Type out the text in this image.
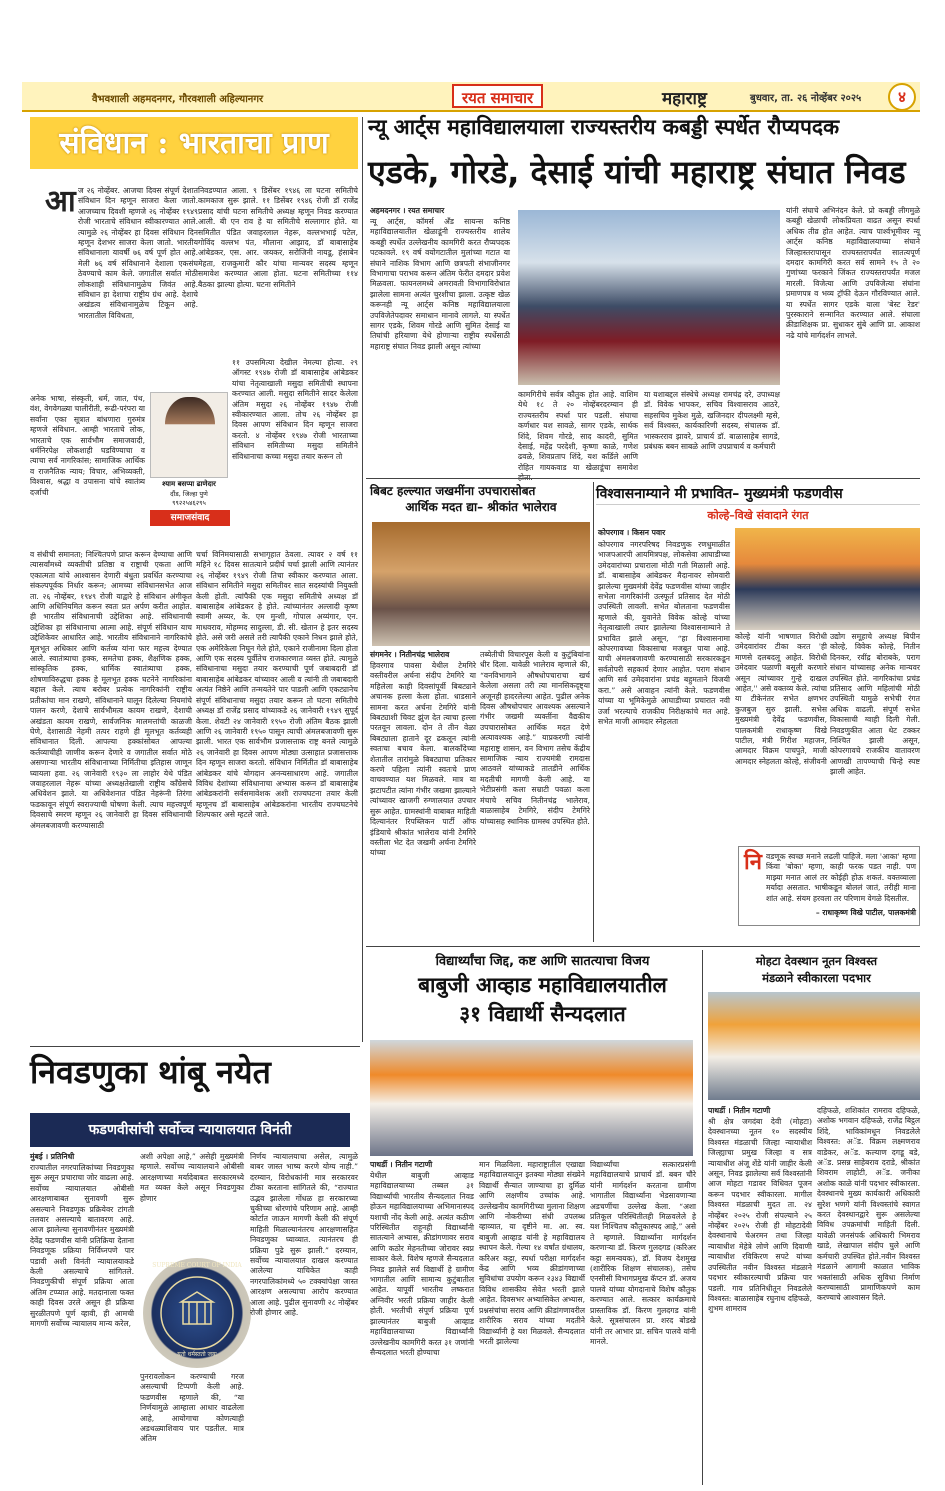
वैभवशाली अहमदनगर, गौरवशाली अहिल्यानगर	रयत समाचार	महाराष्ट्र	बुधवार, ता. २६ नोव्हेंबर २०२५	४
संविधान : भारताचा प्राण
आ ज २६ नोव्हेंबर. आजचा दिवस संपूर्ण देशात संविधान दिन म्हणून साजरा केला जातो. आजच्याच दिवशी म्हणजे २६ नोव्हेंबर १९४९ रोजी भारताचे संविधान स्वीकारण्यात आले. त्यामुळे २६ नोव्हेंबर हा दिवस संविधान दिन म्हणून देशभर साजरा केला जातो. भारतीय संविधानाला यावर्षी ७६ वर्ष पूर्ण होत आहे. मेली ७६ वर्ष संविधानाने देशाला एकसंघ ठेवण्याचे काम केले. जगातील सर्वात मोठी लोकशाही संविधानामुळेच जिवंत आहे. संविधान हा देशाचा राष्ट्रीय ग्रंथ आहे. देशाचे अखंडत्व संविधानामुळेच टिकून आहे. भारतातील विविधता,
अनेक भाषा, संस्कृती, धर्म, जात, पंथ, वंश, वेगवेगळ्या चालीरीती, रूढी-परंपरा या सर्वांना एका सूत्रात बांधणारा गुरुमंत्र म्हणजे संविधान. आम्ही भारताचे लोक, भारताचे एक सार्वभौम समाजवादी, धर्मनिरपेक्ष लोकशाही घडविण्याचा व त्याचा सर्व नागरिकांस; सामाजिक आर्थिक व राजनैतिक न्याय; विचार, अभिव्यक्ती, विश्वास, श्रद्धा व उपासना यांचे स्वातंत्र्य दर्जाची
व संधीची समानता; निश्चितपणे प्राप्त करून देण्याचा आणि त्यासर्वांमध्ये व्यक्तीची प्रतिष्ठा व राष्ट्राची एकता आणि एकात्मता यांचे आश्वासन देणारी बंधुता प्रवर्धित करण्याचा संकल्पपूर्वक निर्धार करून; आमच्या संविधानसभेत आज ता. २६ नोव्हेंबर, १९४९ रोजी याद्वारे हे संविधान अंगीकृत आणि अधिनियमित करून स्वतः प्रत अर्पण करीत आहोत. ही भारतीय संविधानाची उद्देशिका आहे. संविधानाची उद्देशिका हा संविधानाचा आत्मा आहे. संपूर्ण संविधान याच उद्देशिकेवर आधारित आहे. भारतीय संविधानाने नागरिकांचे मूलभूत अधिकार आणि कर्तव्य यांना फार महत्त्व देण्यात आले. स्वातंत्र्याचा हक्क, समतेचा हक्क, शैक्षणिक हक्क, सांस्कृतिक हक्क, धार्मिक स्वातंत्र्याचा हक्क, शोषणाविरुद्धचा हक्क हे मूलभूत हक्क घटनेने नागरिकांना बहाल केले. त्याच बरोबर प्रत्येक नागरिकांनी राष्ट्रीय प्रतीकांचा मान राखणे, संविधानाने घालून दिलेल्या नियमांचे पालन करणे, देशाचे सार्वभौमत्व कायम राखणे, देशाची अखंडता कायम राखणे, सार्वजनिक मालमत्तांची काळजी घेणे, देशासाठी नेहमी तत्पर राहणे ही मूलभूत कर्तव्यही संविधानात दिली. आपल्या हक्कांसोबत आपल्या कर्तव्याचीही जाणीव करून देणारे व जगातील सर्वात मोठे असणाऱ्या भारतीय संविधानाच्या निर्मितीचा इतिहास जाणून घ्यायला हवा. २६ जानेवारी १९३० ला लाहोर येथे पंडित जवाहरलाल नेहरू यांच्या अध्यक्षतेखाली राष्ट्रीय कॉंग्रेसचे अधिवेशन झाले. या अधिवेशनात पंडित नेहरूंनी तिरंगा फडकावून संपूर्ण स्वराज्याची घोषणा केली. त्याच महत्त्वपूर्ण दिवसाचे स्मरण म्हणून २६ जानेवारी हा दिवस संविधानाची अंमलबजावणी करण्यासाठी
निवडण्यात आला. ९ डिसेंबर १९४६ ला घटना समितीचे कामकाज सुरू झाले. ११ डिसेंबर १९४६ रोजी डॉ राजेंद्र प्रसाद यांची घटना समितीचे अध्यक्ष म्हणून निवड करण्यात आली. बी एन राव हे या समितीचे सल्लागार होते. या समितीत पंडित जवाहरलाल नेहरू, वल्लभभाई पटेल, गोविंद वल्लभ पंत, मौलाना आझाद, डॉ बाबासाहेब आंबेडकर, एस. आर. जयकर, सरोजिनी नायडू, हंसाबेन मेहता, राजकुमारी कौर यांचा मान्यवर सदस्य म्हणून समावेश करण्यात आला होता. घटना समितीच्या ११४ बैठका झाल्या होत्या. घटना समितीने
११ उपसमित्या देखील नेमल्या होत्या. २९ ऑगस्ट १९४७ रोजी डॉ बाबासाहेब आंबेडकर यांचा नेतृत्वाखाली मसुदा समितीची स्थापना करण्यात आली. मसुदा समितीने सादर केलेला अंतिम मसुदा २६ नोव्हेंबर १९४७ रोजी स्वीकारण्यात आला. तोच २६ नोव्हेंबर हा दिवस आपण संविधान दिन म्हणून साजरा करतो. ४ नोव्हेंबर १९४७ रोजी भारताच्या संविधान समितीच्या मसुदा समितीने संविधानाचा कच्चा मसुदा तयार करून तो
चर्चा विनिमयासाठी सभागृहात ठेवला. त्यावर २ वर्ष ११ महिने १८ दिवस सातत्याने प्रदीर्घ चर्चा झाली आणि त्यानंतर २६ नोव्हेंबर १९४९ रोजी तिचा स्वीकार करण्यात आला. संविधान समितीने मसुदा समितीवर सात सदस्यांची नियुक्ती केली होती. त्यांपैकी एक मसुदा समितीचे अध्यक्ष डॉ बाबासाहेब आंबेडकर हे होते. त्यांच्यानंतर अल्लादी कृष्ण स्वामी अय्यर, के. एम मुन्शी, गोपाल अय्यंगार, एन. माधवराव, मोहम्मद सादुल्ला, डी. सी. खेतान हे इतर सदस्य होते. असे जरी असले तरी त्यापैकी एकाने निधन झाले होते, एक अमेरिकेला निघून गेले होते, एकाने राजीनामा दिला होता आणि एक सदस्य पूर्वीतेच राजकारणात व्यस्त होते. त्यामुळे संविधानाचा मसुदा तयार करण्याची पूर्ण जबाबदारी डॉ बाबासाहेब आंबेडकर यांच्यावर आली व त्यांनी ती जबाबदारी अत्यंत निष्ठेने आणि तन्मयतेने पार पाडली आणि एकट्यानेच संपूर्ण संविधानाचा मसुदा तयार करून तो घटना समितीचे अध्यक्ष डॉ राजेंद्र प्रसाद यांच्याकडे २६ जानेवारी १९४९ सुपूर्द केला. शेवटी २४ जानेवारी १९५० रोजी अंतिम बैठक झाली आणि २६ जानेवारी १९५० पासून त्याची अंमलबजावणी सुरू झाली. भारत एक सार्वभौम प्रजासत्ताक राष्ट्र बनले त्यामुळे २६ जानेवारी हा दिवस आपण मोठ्या उत्साहात प्रजासत्ताक दिन म्हणून साजरा करतो. संविधान निर्मितीत डॉ बाबासाहेब आंबेडकर यांचे योगदान अनन्यसाधारण आहे. जगातील विविध देशांच्या संविधानाचा अभ्यास करून डॉ बाबासाहेब आंबेडकरांनी सर्वसमावेशक अशी राज्यघटना तयार केली म्हणूनच डॉ बाबासाहेब आंबेडकरांना भारतीय राज्यघटनेचे शिल्पकार असे म्हटले जाते.
श्याम बसप्पा ढाणेदार
दौंड, जिल्हा पुणे
९९२२५४६२९५
समाजसंवाद
न्यू आर्ट्स महाविद्यालयाला राज्यस्तरीय कबड्डी स्पर्धेत रौप्यपदक
एडके, गोरडे, देसाई यांची महाराष्ट्र संघात निवड
अहमदनगर । रयत समाचार
न्यू आर्ट्स, कॉमर्स अँड सायन्स कनिष्ठ महाविद्यालयातील खेळाडूंनी राज्यस्तरीय शालेय कबड्डी स्पर्धेत उल्लेखनीय कामगिरी करत रौप्यपदक पटकावले. १९ वर्ष वयोगटातील मुलांच्या गटात या संघाने नाशिक विभाग आणि छत्रपती संभाजीनगर विभागाचा पराभव करून अंतिम फेरीत दमदार प्रवेश मिळवला. फायनलमध्ये अमरावती विभागाविरोधात झालेला सामना अत्यंत चुरशीचा झाला. उत्कृष्ट खेळ करूनही न्यू आर्ट्स कनिष्ठ महाविद्यालयाला उपविजेतेपदावर समाधान मानावे लागले. या स्पर्धेत सागर एडके, शिवम गोरडे आणि सुमित देसाई या तिघांची हरियाणा येथे होणाऱ्या राष्ट्रीय स्पर्धेसाठी महाराष्ट्र संघात निवड झाली असून त्यांच्या
कामगिरीचे सर्वत्र कौतुक होत आहे. वाशिम येथे १८ ते २० नोव्हेंबरदरम्यान ही राज्यस्तरीय स्पर्धा पार पडली. संघाचा कर्णधार यश सावळे, सागर एडके, सार्थक शिंदे, शिवम गोरडे, साद कादरी, सुमित देसाई, महेंद्र परदेशी, कृष्णा काळे, गणेश ढवळे, शिवप्रताप शिंदे, यश कर्डिले आणि रोहित गायकवाड या खेळाडूंचा समावेश
या यशाबद्दल संस्थेचे अध्यक्ष रामचंद्र दरे, उपाध्यक्ष डॉ. विवेक भापकर, सचिव विश्वासराव आठरे, सहसचिव मुकेश मुळे, खजिनदार दीपलक्ष्मी म्हसे, सर्व विश्वस्त, कार्यकारिणी सदस्य, संचालक डॉ. भास्करराव झावरे, प्राचार्य डॉ. बाळासाहेब सागडे, प्रबंधक बबन साबळे आणि उपप्राचार्य व कर्मचारी
यांनी संघाचे अभिनंदन केले. प्रो कबड्डी लीगमुळे कबड्डी खेळाची लोकप्रियता वाढत असून स्पर्धा अधिक तीव्र होत आहेत. त्याच पार्श्वभूमीवर न्यू आर्ट्स कनिष्ठ महाविद्यालयाच्या संघाने जिल्हास्तरापासून राज्यस्तरापर्यंत सातत्यपूर्ण दमदार कामगिरी करत सर्व सामने १५ ते २० गुणांच्या फरकाने जिंकत राज्यस्तरापर्यंत मजल मारली. विजेत्या आणि उपविजेत्या संघांना प्रमाणपत्र व भव्य ट्रॉफी देऊन गौरविण्यात आले. या स्पर्धेत सागर एडके याला 'बेस्ट रेडर' पुरस्काराने सन्मानित करण्यात आले. संघाला क्रीडाशिक्षक प्रा. सुधाकर सुंबे आणि प्रा. आकाश नढे यांचे मार्गदर्शन लाभले.
बिबट हल्ल्यात जखमींना उपचारासोबत
आर्थिक मदत द्या– श्रीकांत भालेराव
संगमनेर । नितीनचंद्र भालेराव
हिवरगाव पावसा येथील टेमगिरे वस्तीवरील अर्चना संदीप टेमगिरे या महिलेला काही दिवसांपूर्वी बिबट्याने अचानक हल्ला केला होता. धाडसाने सामना करत अर्चना टेमगिरे यांनी बिबट्याशी चिवट झुंज देत त्याचा हल्ला परतवून लावला. दोन ते तीन वेळा बिबट्याला हाताने दूर ढकलून त्यांनी स्वतःचा बचाव केला. बालकाँदेच्या शेतातील तारांमुळे बिबट्याचा प्रतिकार करणे पहिला त्यांनी स्वतःचे प्राण वाचवण्यात यश मिळवले. मात्र या झटापटीत त्यांना गंभीर जखमा झाल्याने त्यांच्यावर खाजगी रुग्णालयात उपचार सुरू आहेत. ग्रामस्थांनी याबाबत माहिती दिल्यानंतर रिपब्लिकन पार्टी ऑफ इंडियाचे श्रीकांत भालेराव यांनी टेमगिरे वस्तीला भेट देत जखमी अर्चना टेमगिरे यांच्या
तब्येतीची विचारपूस केली व कुटुंबियांना धीर दिला. यावेळी भालेराव म्हणाले की, “वनविभागाने औषधोपचाराचा खर्च केलेला असला तरी त्या मानसिकदृष्ट्या अजूनही हादरलेल्या आहेत. पुढील अनेक दिवस औषधोपचार आवश्यक असल्याने गंभीर जखमी व्यक्तींना वैद्यकीय उपचारासोबत आर्थिक मदत देणे अत्यावश्यक आहे.” याप्रकरणी त्यांनी महाराष्ट्र शासन, वन विभाग तसेच केंद्रीय सामाजिक न्याय राज्यमंत्री रामदास आठवले यांच्याकडे तातडीने आर्थिक मदतीची मागणी केली आहे. या भेटीप्रसंगी कला सम्राटी पवळा कला मंचाचे सचिव नितीनचंद्र भालेराव, बाळासाहेब टेमगिरे, संदीप टेमगिरे यांच्यासह स्थानिक ग्रामस्थ उपस्थित होते.
विश्वासनाम्याने मी प्रभावित– मुख्यमंत्री फडणवीस
कोल्हे–विखे संवादाने रंगत
कोपरगाव । किसन पवार
कोपरगाव नगरपरिषद निवडणुक रणधुमाळीत भाजपआरपी आयमित्रपक्ष, लोकसेवा आघाडीच्या उमेदवारांच्या प्रचाराला मोठी गती मिळाली आहे. डॉ. बाबासाहेब आंबेडकर मैदानावर सोमवारी झालेल्या मुख्यमंत्री देवेंद्र फडणवीस यांच्या जाहीर सभेला नागरिकांनी उत्स्फूर्त प्रतिसाद देत मोठी उपस्थिती लावली. सभेत बोलताना फडणवीस म्हणाले की, युवानेते विवेक कोल्हे यांच्या नेतृत्वाखाली तयार झालेल्या विश्वासनाम्याने ते प्रभावित झाले असून, “हा विश्वासनामा कोपरगावच्या विकासाचा मजबूत पाया आहे. याची अंमलबजावणी करण्यासाठी सरकारकडून सर्वतोपरी सहकार्य देणार आहोत. पराग संधान आणि सर्व उमेदवारांना प्रचंड बहुमताने विजयी करा.” असे आवाहन त्यांनी केले. फडणवीस यांच्या या भूमिकेमुळे आघाडीच्या प्रचारात नवी उर्जा भरल्याचे राजकीय निरीक्षकांचे मत आहे. सभेत माजी आमदार स्नेहलता
कोल्हे यांनी भाषणात विरोधी उमेदवारांवर टीका करत 'ही माणसे दलबदलू आहेत. विरोधी उमेदवार पळाणी बसूली करणारे असून त्यांच्यावर गुन्हे दाखल आहेत,'' असे वक्तव्य केले. त्यांचा या टीकेनंतर सभेत क्षणभर कुजबुज सुरु झाली. सभेस मुख्यमंत्री देवेंद्र फडणवीस, पालकमंत्री राधाकृष्ण विखे पाटील, मंत्री गिरीश महाजन, आमदार विक्रम पाचपुते, माजी आमदार स्नेहलता कोल्हे, संजीवनी
उद्योग समूहाचे अध्यक्ष बिपीन कोल्हे, विवेक कोल्हे, नितीन दिनकर, रवींद्र बोराबके, पराग संधान यांच्यासह अनेक मान्यवर उपस्थित होते. नागरिकांचा प्रचंड प्रतिसाद आणि महिलांची मोठी उपस्थिती यामुळे सभेची रंगत अधिक वाढली. संपूर्ण सभेत विकासाची ग्वाही दिली गेली. निवडणुकीत आता थेट टक्कर निश्चित झाली असून, कोपरगावचे राजकीय वातावरण आणखी तापण्याची चिन्हे स्पष्ट झाली आहेत.
नि वडणूक स्वच्छ मनाने लढली पाहिजे. मला 'आका' म्हणा किंवा 'बोका' म्हणा, काही फरक पडत नाही. पण माझ्या मनात आलं तर कोईही होऊ शकतं. वक्तव्याला मर्यादा असतात. भाषीकडून बोललं जातं, तरीही माना शांत आहे. संयम हरवला तर परिणाम वेगळे दिसतील.
– राधाकृष्ण विखे पाटील, पालकमंत्री
विद्यार्थ्यांचा जिद्द, कष्ट आणि सातत्याचा विजय
बाबुजी आव्हाड महाविद्यालयातील
३१ विद्यार्थी सैन्यदलात
पाथर्डी । नितीन गटाणी
येथील बाबुजी आव्हाड महाविद्यालयाच्या तब्बल ३१ विद्यार्थ्यांची भारतीय सैन्यदलात निवड होऊन महाविद्यालयाच्या अभिमानास्पद यशाची नोंद केली आहे. अत्यंत कठीण परिस्थितीत राहूनही विद्यार्थ्यांनी सातत्याने अभ्यास, क्रीडांगणावर सराव आणि कठोर मेहनतीच्या जोरावर स्वप्न साकार केले. विशेष म्हणजे सैन्यदलात निवड झालेले सर्व विद्यार्थी हे ग्रामीण भागातील आणि सामान्य कुटुंबातील आहेत. यापूर्वी भारतीय लष्करात अग्निवीर भरती प्रक्रिया जाहीर केली होती. भरतीची संपूर्ण प्रक्रिया पूर्ण झाल्यानंतर बाबुजी आव्हाड महाविद्यालयाच्या विद्यार्थ्यांनी उल्लेखनीय कामगिरी करत ३१ जणांनी सैन्यदलात भरती होण्याचा
मान मिळविला. महाराष्ट्रातील एखाद्या महाविद्यालयातून इतक्या मोठ्या संख्येने विद्यार्थी सैन्यात जाण्याचा हा दुर्मिळ आणि लक्षणीय उच्चांक आहे. उल्लेखनीय कामगिरीच्या मुलाना शिक्षण आणि नोकरीच्या संधी उपलब्ध व्हाव्यात, या दृष्टीने मा. आ. स्व. बाबुजी आव्हाड यांनी हे महाविद्यालय स्थापन केले. गेल्या १४ वर्षांत ग्रंथालय, करिअर कट्टा, स्पर्धा परीक्षा मार्गदर्शन केंद्र आणि भव्य क्रीडांगणाच्या सुविधांचा उपयोग करून २३४३ विद्यार्थी विविध शासकीय सेवेत भरती झाले आहेत. दिवसभर अभ्यासिकेत अभ्यास, प्रश्नसंचांचा सराव आणि क्रीडांगणावरील शारीरिक सराव यांच्या मदतीने विद्यार्थ्यांनी हे यश मिळवले. सैन्यदलात भरती झालेल्या
विद्यार्थ्यांचा सत्कारप्रसंगी महाविद्यालयाचे प्राचार्य डॉ. बबन चौरे यांनी मार्गदर्शन करताना ग्रामीण भागातील विद्यार्थ्यांना भेडसावणाऱ्या अडचणींचा उल्लेख केला. “अशा प्रतिकूल परिस्थितीतही मिळवलेले हे यश निश्चितच कौतुकास्पद आहे,” असे ते म्हणाले. विद्यार्थ्यांना मार्गदर्शन करणाऱ्या डॉ. किरण गुलदगड (करिअर कट्टा समन्वयक), डॉ. विजय देशमुख (शारीरिक शिक्षण संचालक), तसेच एनसीसी विभागप्रमुख कॅप्टन डॉ. अजय पालवे यांच्या योगदानाचे विशेष कौतुक करण्यात आले. सत्कार कार्यक्रमाचे प्रास्ताविक डॉ. किरण गुलदगड यांनी केले. सूत्रसंचालन प्रा. शरद बोडखे यांनी तर आभार प्रा. सचिन पालवे यांनी मानले.
मोहटा देवस्थान नूतन विश्वस्त
मंडळाने स्वीकारला पदभार
पाथर्डी । नितीन गटाणी
श्री क्षेत्र जगदंबा देवी (मोहटा) देवस्थानच्या नूतन १० सदस्यीय विश्वस्त मंडळाची जिल्हा न्यायाधीश जिल्ह्याचा प्रमुख जिल्हा व सत्र न्यायाधीश अंजू शेंडे यांनी जाहीर केली असून, निवड झालेल्या सर्व विश्वस्तांनी आज मोहटा गडावर विधिवत पूजन करून पदभार स्वीकारला. मागील विश्वस्त मंडळाची मुदत ता. २४ नोव्हेंबर २०२५ रोजी संपल्याने २५ नोव्हेंबर २०२५ रोजी ही मोहटादेवी देवस्थानाचे चेअरमन तथा जिल्हा न्यायाधीश मेहेत्रे लोणे आणि दिवाणी न्यायाधीश रविकिरण सपटे यांच्या उपस्थितीत नवीन विश्वस्त मंडळाने पदभार स्वीकारल्याची प्रक्रिया पार पडली. गाव प्रतिनिधीतून निवडलेले विश्वस्त: बाळासाहेब रघुनाथ दहिफळे, शुभम शामराव
दहिफळे, शशिकांत रामराव दहिफळे, अशोक भगवान दहिफळे, राजेंद्र बिट्ठल शिंदे, भाविकांमधून निवडलेले विश्वस्त: अॅड. विक्रम लक्ष्मणराव वाडेकर, अॅड. कल्याण दगडू बडे, अॅड. प्रसन्न साहेबराव दराडे, श्रीकांत शिवराम लाहोटी, अॅड. जनीका अशोक काळे यांनी पदभार स्वीकारला. देवस्थानचे मुख्य कार्यकारी अधिकारी सुरेश भणगे यांनी विश्वस्तांचे स्वागत करत देवस्थानद्वारे सुरू असलेल्या विविध उपक्रमांची माहिती दिली. यावेळी जनसंपर्क अधिकारी भिमराव खाडे, लेखापाल संदीप घुले आणि कर्मचारी उपस्थित होते.नवीन विश्वस्त मंडळाने आगामी काळात भाविक भक्तांसाठी अधिक सुविधा निर्माण करण्यासाठी प्रामाणिकपणे काम करण्याचे आश्वासन दिले.
निवडणुका थांबू नयेत
फडणवीसांची सर्वोच्च न्यायालयात विनंती
मुंबई । प्रतिनिधी
राज्यातील नगरपालिकांच्या निवडणुका सुरू असून प्रचाराचा जोर वाढला आहे. सर्वोच्च न्यायालयात ओबीसी आरक्षणाबाबत सुनावणी सुरू असल्याने निवडणूक प्रक्रियेवर टांगती तलवार असल्याचे बातावरण आहे. आज झालेल्या सुनावणीनंतर मुख्यमंत्री देवेंद्र फडणवीस यांनी प्रतिक्रिया देताना निवडणूक प्रक्रिया निर्विघ्नपणे पार पडावी अशी विनंती न्यायालयाकडे केली असल्याचे सांगितले. निवडणुकीची संपूर्ण प्रक्रिया आता अंतिम टप्प्यात आहे. मतदानाला फक्त काही दिवस उरले असून ही प्रक्रिया सुरळीतपणे पूर्ण व्हावी, ही आमची मागणी सर्वोच्च न्यायालय मान्य करेल,
अशी अपेक्षा आहे,” असेही मुख्यमंत्री म्हणाले. सर्वोच्च न्यायालयाने ओबीसी आरक्षणाच्या मर्यादेबाबत सरकारमध्ये मत व्यक्त केले असून निवडणुका होणार
SUPREME COURT OF INDIA
यतो धर्मस्ततो जयः
पुनरावलोकन करण्याची गरज असल्याची टिप्पणी केली आहे. फडणवीस म्हणाले की, “या निर्णयामुळे आम्हाला आधार वाढलेला आहे, आयोगाचा कोणत्याही अडथळ्याशिवाय पार पडतील. मात्र अंतिम
निर्णय न्यायालयाचा असेल, त्यामुळे बाबर जास्त भाष्य करणे योग्य नाही.” दरम्यान, विरोधकांनी मात्र सरकारवर टीका करताना सांगितले की, “राज्यात उद्भव झालेला गोंधळ हा सरकारच्या चुकीच्या धोरणांचे परिणाम आहे. आम्ही कोर्टात जाऊन मागणी केली की संपूर्ण माहिती मिळाल्यानंतरच आरक्षणासहित निवडणुका घ्याव्यात. त्यानंतरच ही प्रक्रिया पुढे सुरू झाली.” दरम्यान, सर्वोच्च न्यायालयात दाखल करण्यात आलेल्या याचिकेत काही नगरपालिकांमध्ये ५० टक्क्यांपेक्षा जास्त आरक्षण असल्याचा आरोप करण्यात आला आहे. पुढील सुनावणी २८ नोव्हेंबर रोजी होणार आहे.
